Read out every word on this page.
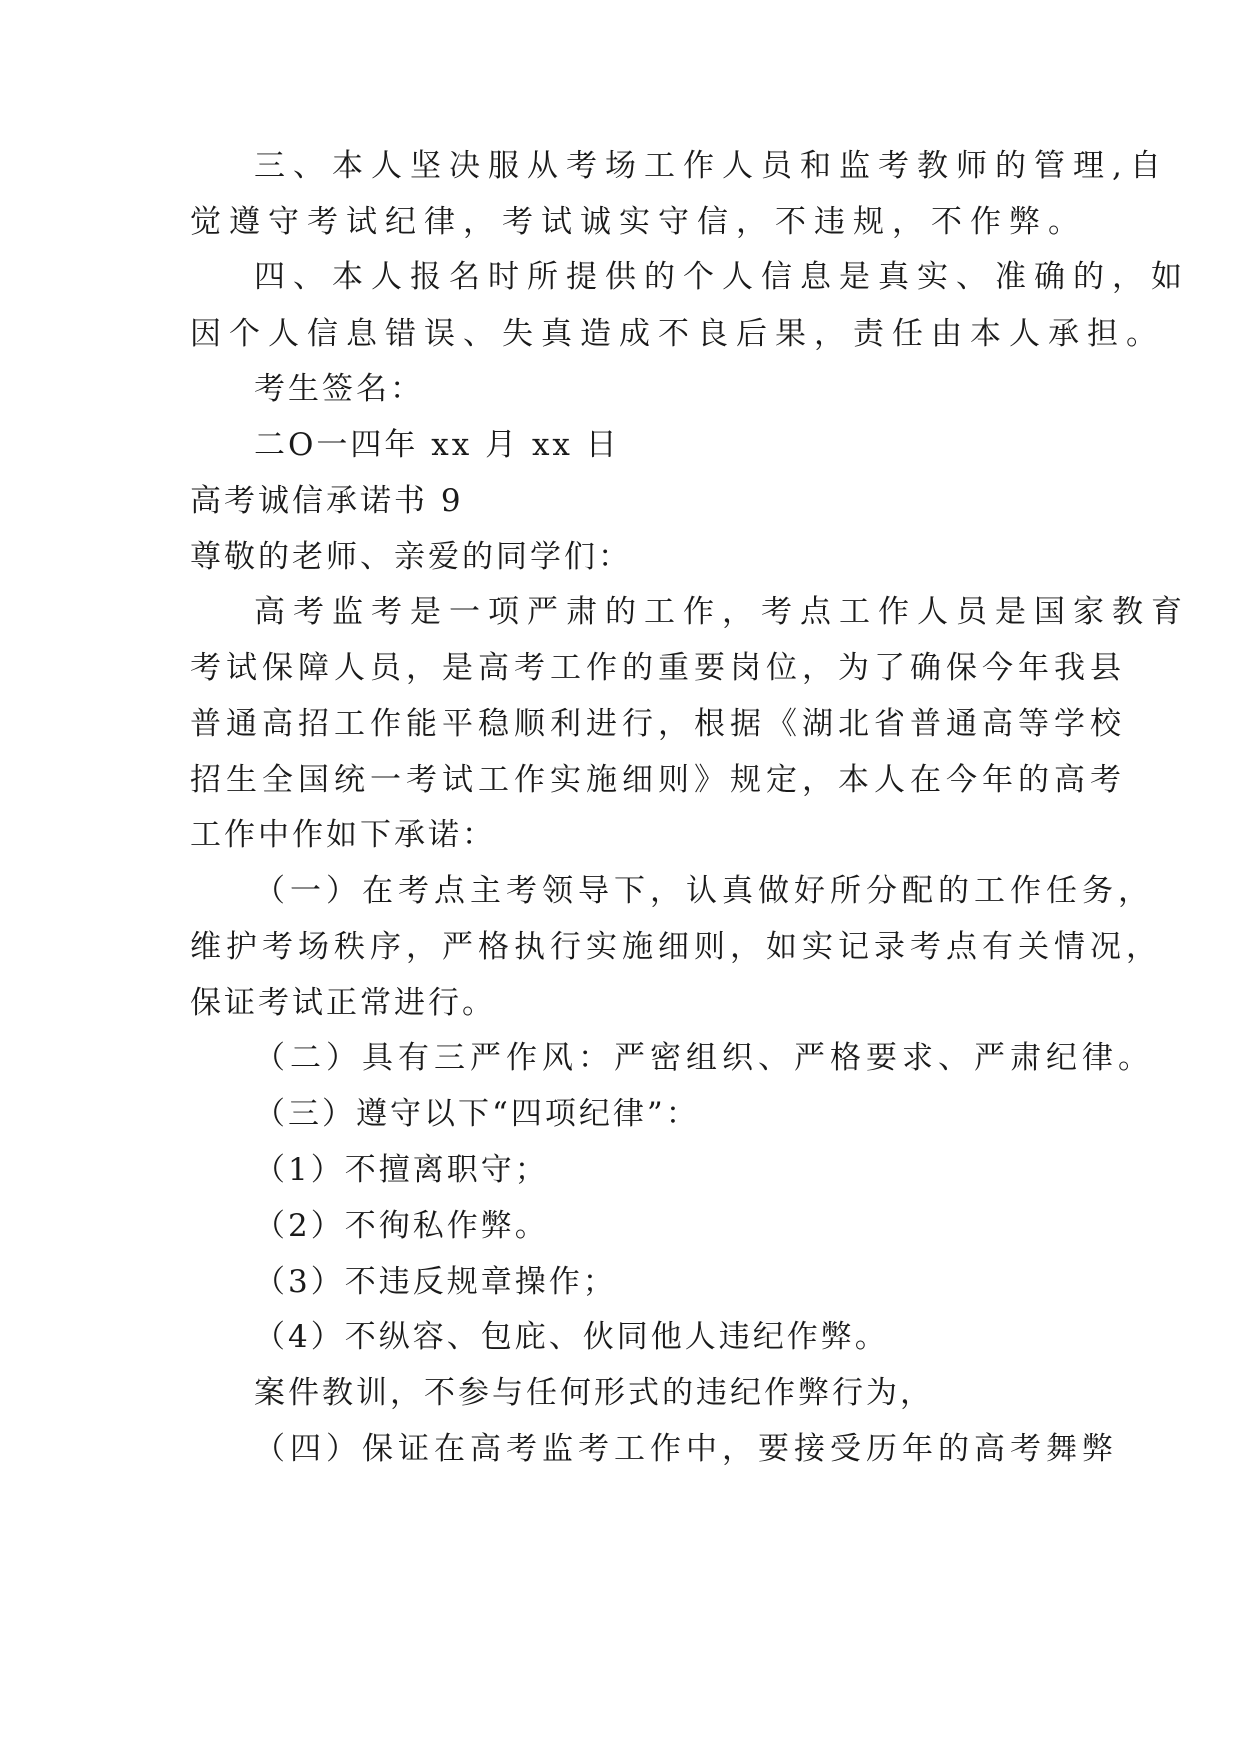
三、本人坚决服从考场工作人员和监考教师的管理,自
觉遵守考试纪律，考试诚实守信，不违规，不作弊。
四、本人报名时所提供的个人信息是真实、准确的，如
因个人信息错误、失真造成不良后果，责任由本人承担。
考生签名：
二O一四年 xx 月 xx 日
高考诚信承诺书 9
尊敬的老师、亲爱的同学们：
高考监考是一项严肃的工作，考点工作人员是国家教育
考试保障人员，是高考工作的重要岗位，为了确保今年我县
普通高招工作能平稳顺利进行，根据《湖北省普通高等学校
招生全国统一考试工作实施细则》规定，本人在今年的高考
工作中作如下承诺：
（一）在考点主考领导下，认真做好所分配的工作任务，
维护考场秩序，严格执行实施细则，如实记录考点有关情况，
保证考试正常进行。
（二）具有三严作风：严密组织、严格要求、严肃纪律。
（三）遵守以下“四项纪律”：
（1）不擅离职守；
（2）不徇私作弊。
（3）不违反规章操作；
（4）不纵容、包庇、伙同他人违纪作弊。
案件教训，不参与任何形式的违纪作弊行为，
（四）保证在高考监考工作中，要接受历年的高考舞弊
